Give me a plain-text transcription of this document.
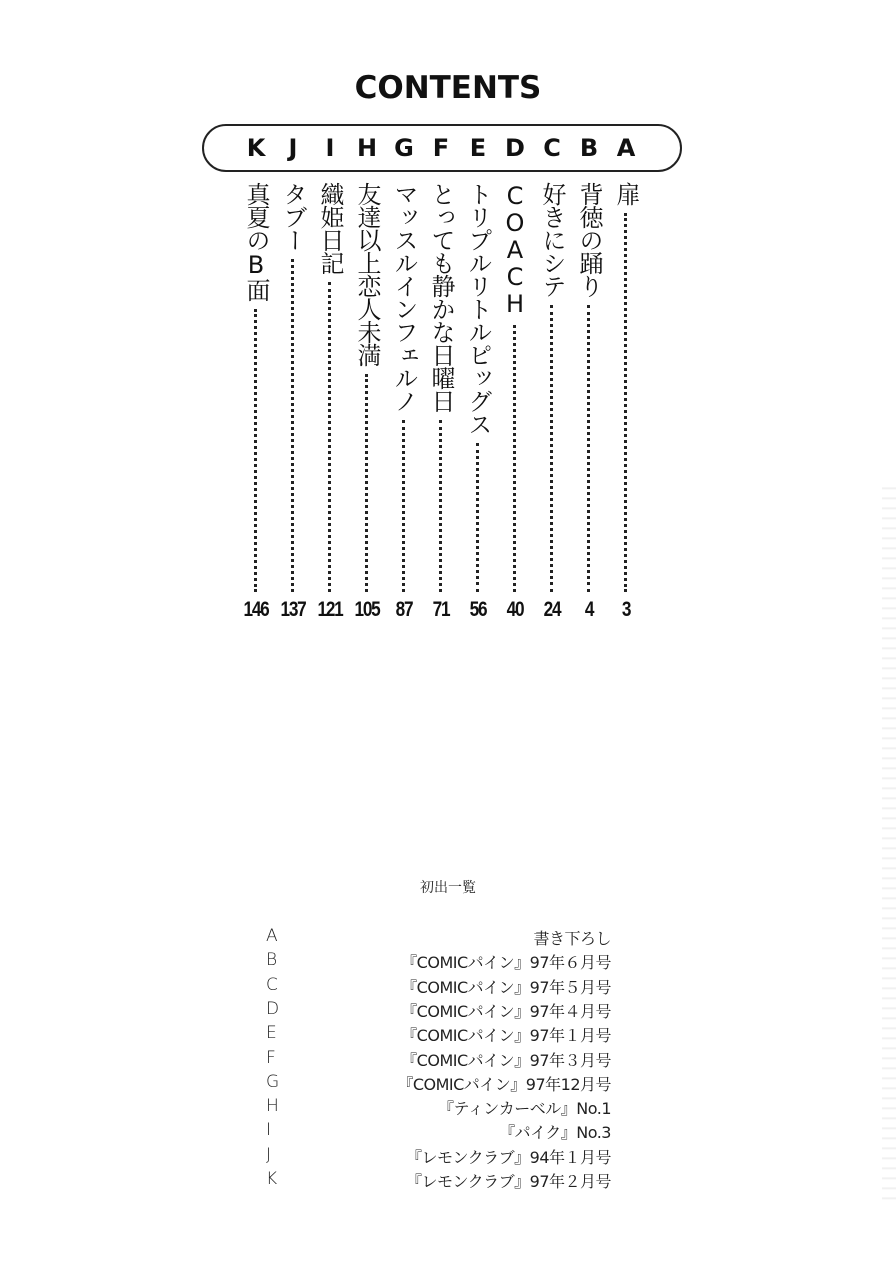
CONTENTS
K J	I H G F E D C B A
真夏のB面
146
タブー
137
織姫日記
121
友達以上恋人未満
105
マッスルインフェルノ
87
とっても静かな日曜日
71
トリプルリトルピッグス
56
COACH
40
好きにシテ
24
背徳の踊り
4
扉
3
初出一覧
A	書き下ろし
B	『COMICパイン』97年６月号
C	『COMICパイン』97年５月号
D	『COMICパイン』97年４月号
E	『COMICパイン』97年１月号
F	『COMICパイン』97年３月号
G	『COMICパイン』97年12月号
H	『ティンカーベル』No.1
I	『パイク』No.3
J	『レモンクラブ』94年１月号
K	『レモンクラブ』97年２月号
